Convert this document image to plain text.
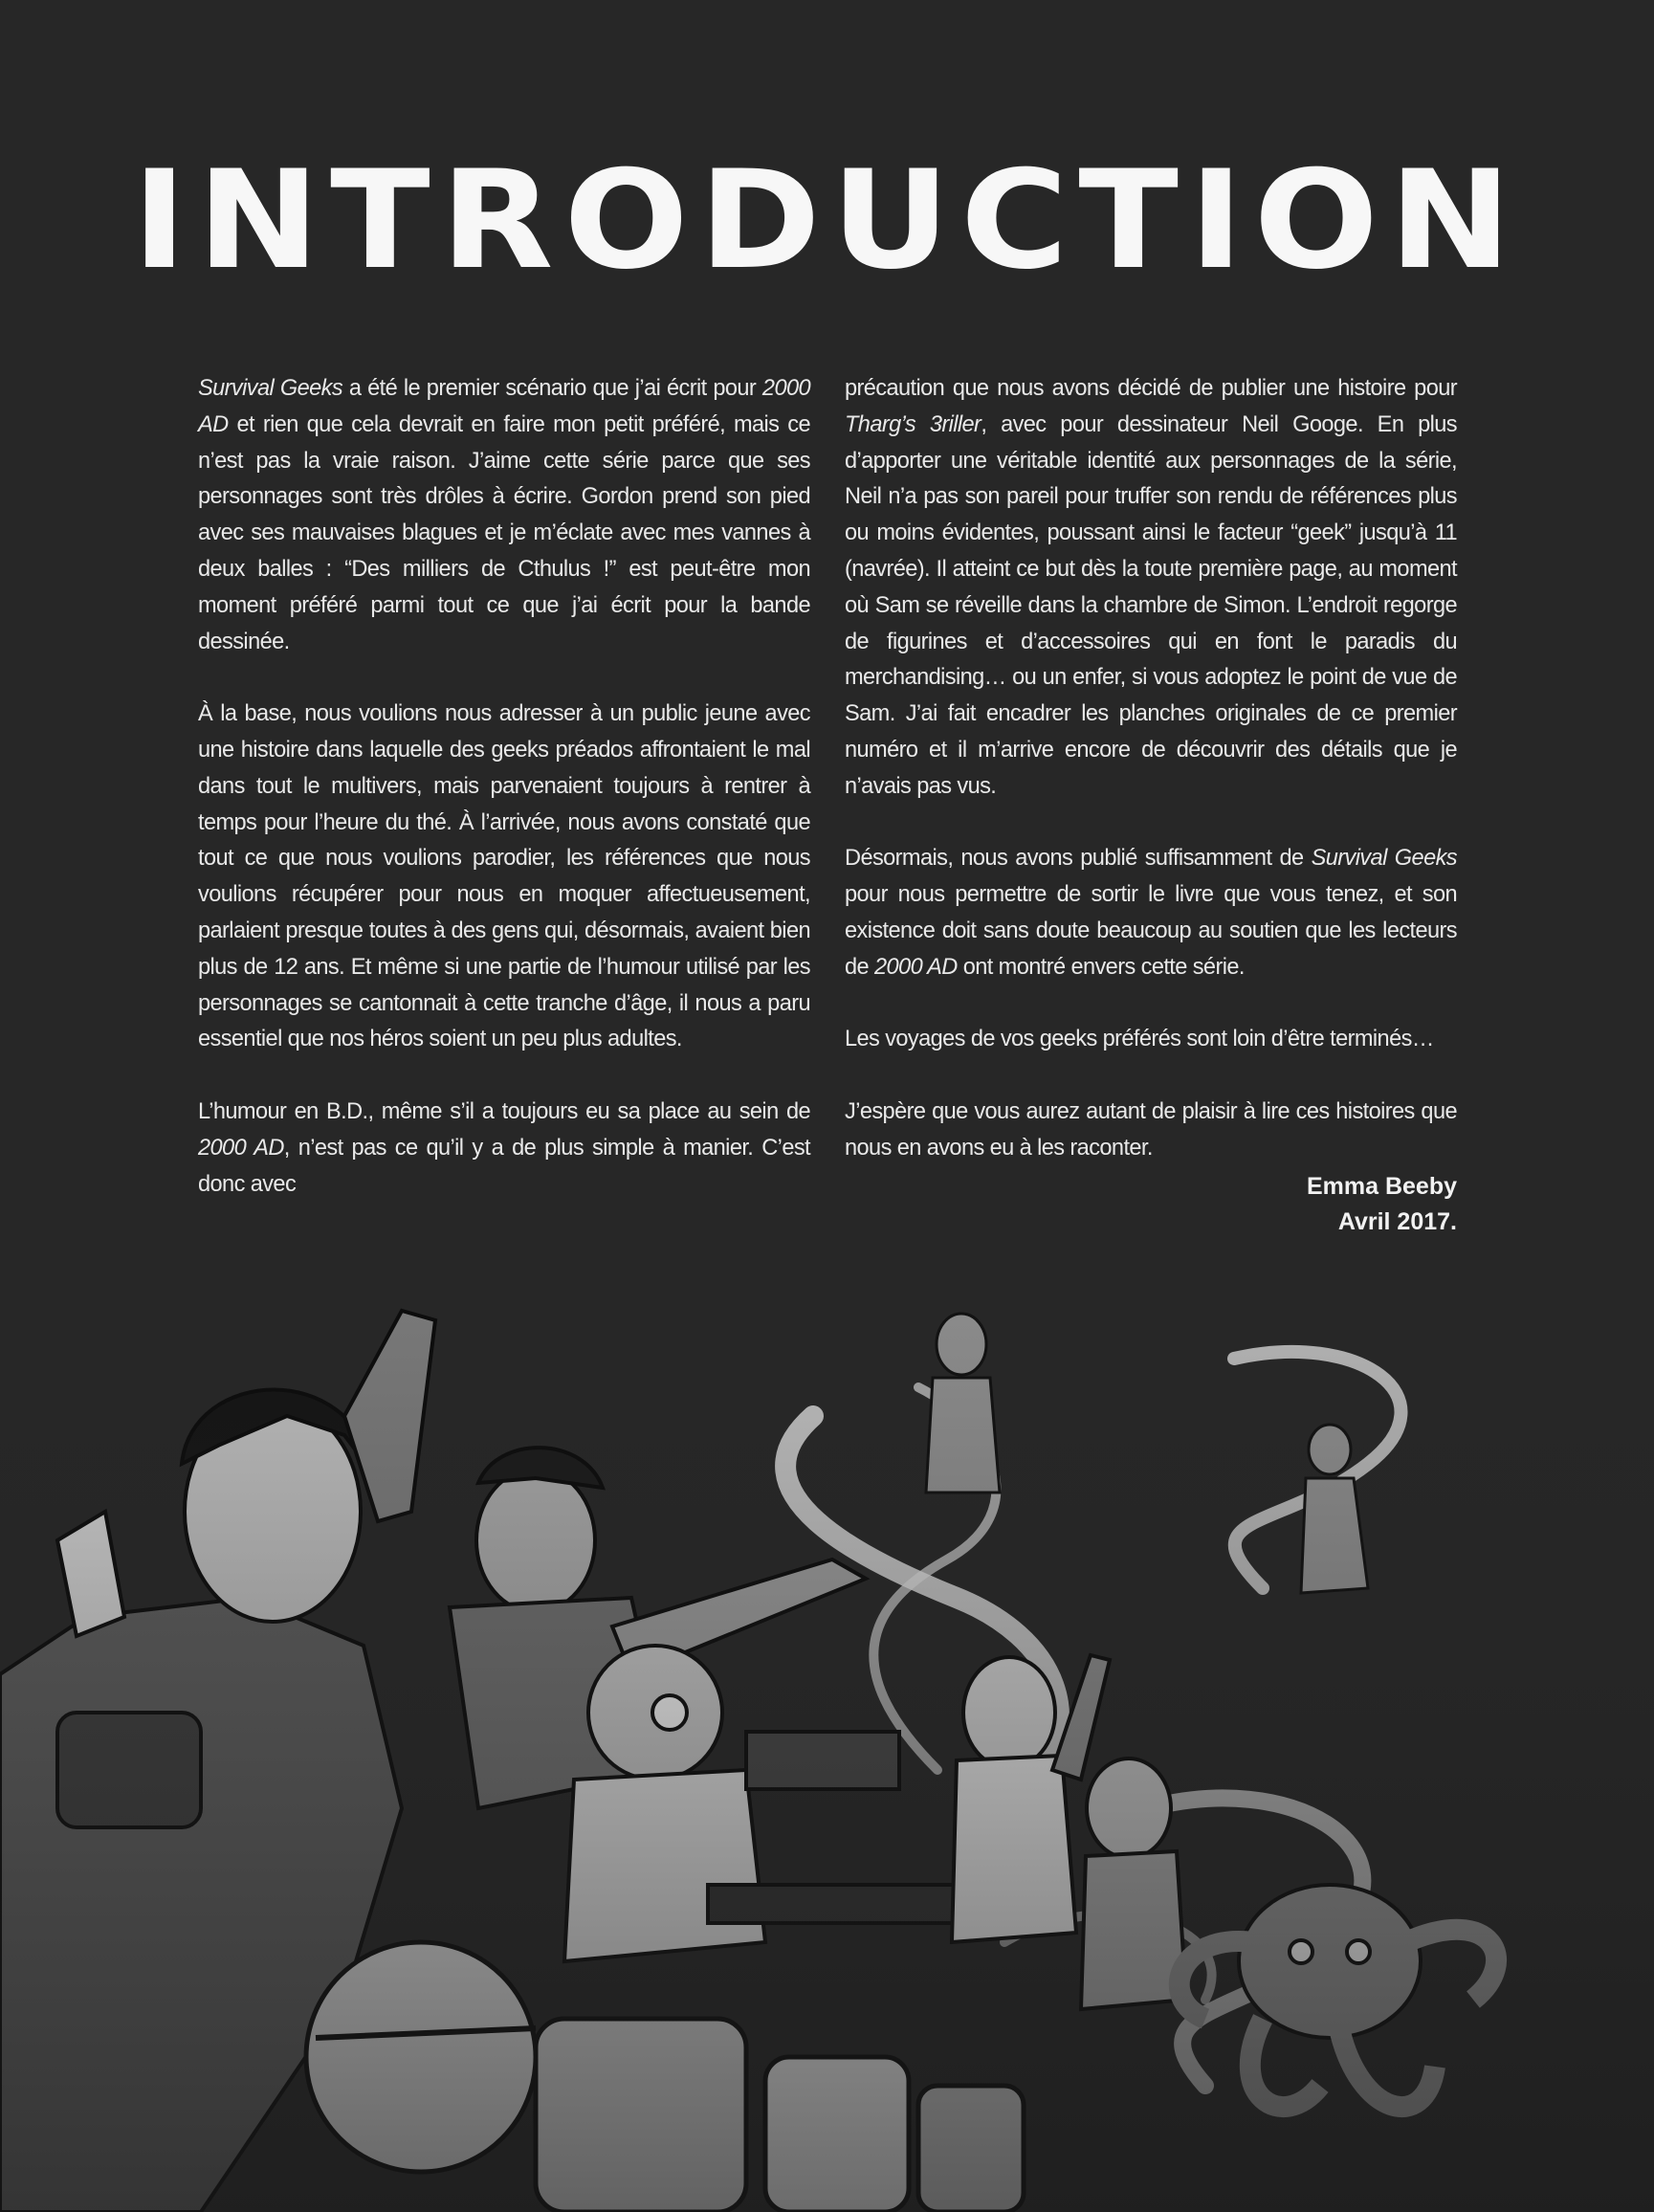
INTRODUCTION

Survival Geeks a été le premier scénario que j’ai écrit pour 2000 AD et rien que cela devrait en faire mon petit préféré, mais ce n’est pas la vraie raison. J’aime cette série parce que ses personnages sont très drôles à écrire. Gordon prend son pied avec ses mauvaises blagues et je m’éclate avec mes vannes à deux balles : “Des milliers de Cthulus !” est peut-être mon moment préféré parmi tout ce que j’ai écrit pour la bande dessinée.

À la base, nous voulions nous adresser à un public jeune avec une histoire dans laquelle des geeks préados affrontaient le mal dans tout le multivers, mais parvenaient toujours à rentrer à temps pour l’heure du thé. À l’arrivée, nous avons constaté que tout ce que nous voulions parodier, les références que nous voulions récupérer pour nous en moquer affectueusement, parlaient presque toutes à des gens qui, désormais, avaient bien plus de 12 ans. Et même si une partie de l’humour utilisé par les personnages se cantonnait à cette tranche d’âge, il nous a paru essentiel que nos héros soient un peu plus adultes.

L’humour en B.D., même s’il a toujours eu sa place au sein de 2000 AD, n’est pas ce qu’il y a de plus simple à manier. C’est donc avec

précaution que nous avons décidé de publier une histoire pour Tharg’s 3riller, avec pour dessinateur Neil Googe. En plus d’apporter une véritable identité aux personnages de la série, Neil n’a pas son pareil pour truffer son rendu de références plus ou moins évidentes, poussant ainsi le facteur “geek” jusqu’à 11 (navrée). Il atteint ce but dès la toute première page, au moment où Sam se réveille dans la chambre de Simon. L’endroit regorge de figurines et d’accessoires qui en font le paradis du merchandising… ou un enfer, si vous adoptez le point de vue de Sam. J’ai fait encadrer les planches originales de ce premier numéro et il m’arrive encore de découvrir des détails que je n’avais pas vus.

Désormais, nous avons publié suffisamment de Survival Geeks pour nous permettre de sortir le livre que vous tenez, et son existence doit sans doute beaucoup au soutien que les lecteurs de 2000 AD ont montré envers cette série.

Les voyages de vos geeks préférés sont loin d’être terminés…

J’espère que vous aurez autant de plaisir à lire ces histoires que nous en avons eu à les raconter.

Emma Beeby
Avril 2017.
